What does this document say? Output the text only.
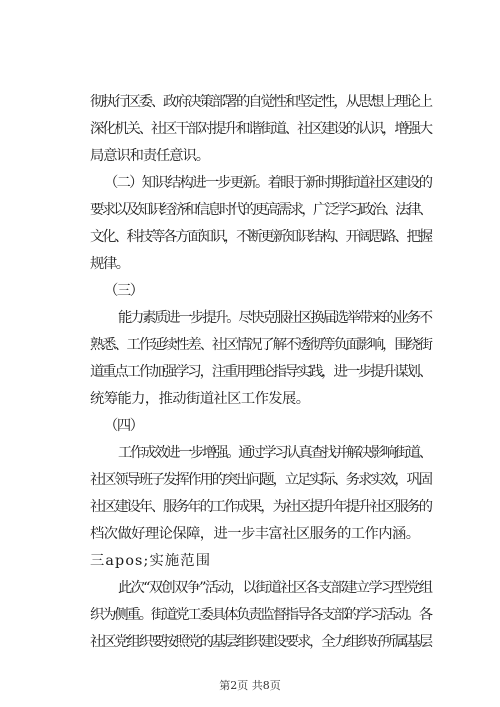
彻执行区委、政府决策部署的自觉性和坚定性，从思想上理论上
深化机关、社区干部对提升和谐街道、社区建设的认识，增强大
局意识和责任意识。
（二）知识结构进一步更新。着眼于新时期街道社区建设的
要求以及知识经济和信息时代的更高需求，广泛学习政治、法律、
文化、科技等各方面知识，不断更新知识结构、开阔思路、把握
规律。
（三）
能力素质进一步提升。尽快克服社区换届选举带来的业务不
熟悉、工作延续性差、社区情况了解不透彻等负面影响，围绕街
道重点工作加强学习，注重用理论指导实践，进一步提升谋划、
统筹能力，推动街道社区工作发展。
（四）
工作成效进一步增强。通过学习认真查找并解决影响街道、
社区领导班子发挥作用的突出问题，立足实际、务求实效，巩固
社区建设年、服务年的工作成果，为社区提升年提升社区服务的
档次做好理论保障，进一步丰富社区服务的工作内涵。
三apos;实施范围
此次“双创双争”活动，以街道社区各支部建立学习型党组
织为侧重。街道党工委具体负责监督指导各支部的学习活动。各
社区党组织要按照党的基层组织建设要求，全力组织好所属基层
第2页 共8页
